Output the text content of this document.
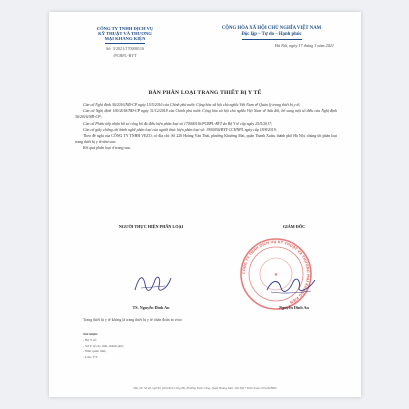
CÔNG TY TNHH DỊCH VỤ
KỸ THUẬT VÀ THƯƠNG
MẠI KHANG KIỆN
Số: 3/2021/170000116
/PCBPL-BYT
CỘNG HÒA XÃ HỘI CHỦ NGHĨA VIỆT NAM
Độc lập – Tự do – Hạnh phúc
Hà Nội, ngày 17 tháng 3 năm 2021
BẢN PHÂN LOẠI TRANG THIẾT BỊ Y TẾ

Căn cứ Nghị định 36/2016/NĐ-CP ngày 15/5/2016 của Chính phủ nước Cộng hòa xã hội chủ nghĩa Việt Nam về Quản lý trang thiết bị y tế;

Căn cứ Nghị định 169/2018/NĐ-CP ngày 31/12/2018 của Chính phủ nước Cộng hòa xã hội chủ nghĩa Việt Nam về Sửa đổi, bổ sung một số điều của Nghị định 36/2016/NĐ-CP;

Căn cứ Phiếu tiếp nhận hồ sơ công bố đủ điều kiện phân loại số 170000116/PCBPL-BYT do Bộ Y tế cấp ngày 25/5/2017;

Căn cứ giấy chứng chỉ hành nghề phân loại của người thực hiện phân loại số: 1900056/BYT-CCHNPL ngày cấp 18/8/2019;

Theo đề nghị của CÔNG TY TNHH VEZO, có địa chỉ: Số 220 Hoàng Văn Thái, phường Khương Mai, quận Thanh Xuân, thành phố Hà Nội, chúng tôi phân loại trang thiết bị y tế như sau:

Kết quả phân loại ở trang sau.

NGƯỜI THỰC HIỆN PHÂN LOẠI	GIÁM ĐỐC
CÔNG TY TNHH DỊCH VỤ KỸ THUẬT VÀ THƯƠNG MẠI KHANG KIỆN
★
TS. Nguyễn Đình An	Nguyễn Đình An
Trang thiết bị y tế không là trang thiết bị y tế chẩn đoán in vitro
Nơi nhận:
- Bộ Y tế;
- Sở Y tế các tỉnh, thành phố;
- Như quản trên;
- Lưu: VT.
Địa chỉ: Số 46, ngõ 90, phố Đình Công Hạ, Phường Định Công, Quận Hoàng Mai - Hà Nội * Điện thoại: 0914418899
